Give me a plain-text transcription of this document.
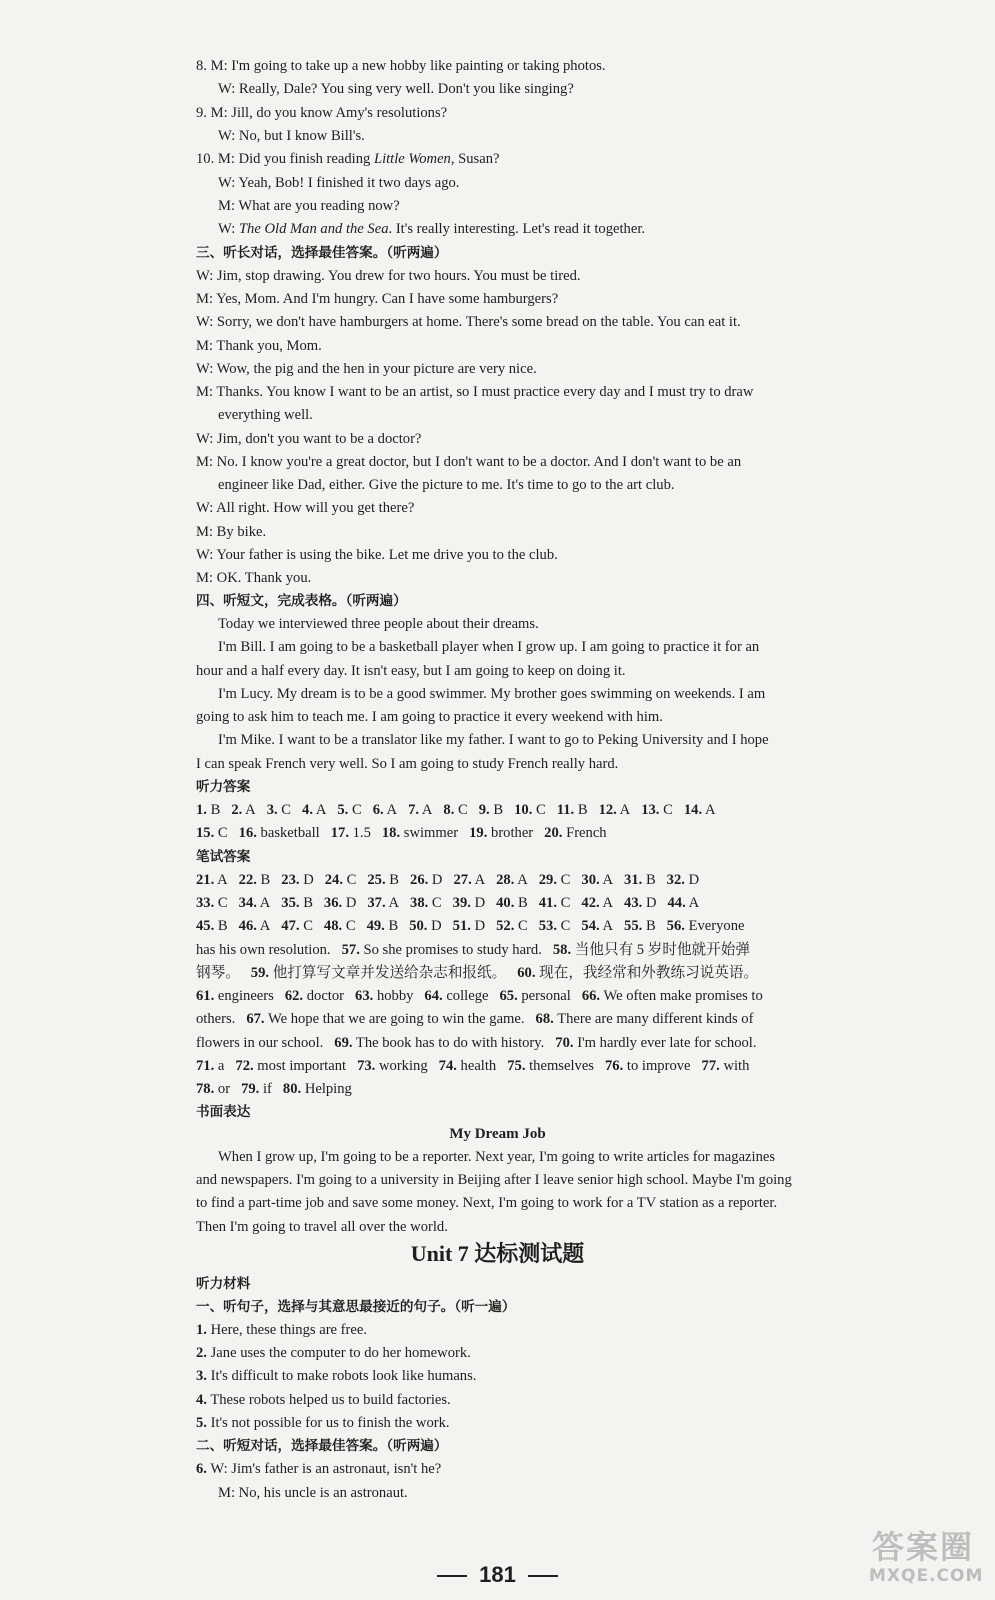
8. M: I'm going to take up a new hobby like painting or taking photos.
W: Really, Dale? You sing very well. Don't you like singing?
9. M: Jill, do you know Amy's resolutions?
W: No, but I know Bill's.
10. M: Did you finish reading Little Women, Susan?
W: Yeah, Bob! I finished it two days ago.
M: What are you reading now?
W: The Old Man and the Sea. It's really interesting. Let's read it together.
三、听长对话，选择最佳答案。（听两遍）
W: Jim, stop drawing. You drew for two hours. You must be tired.
M: Yes, Mom. And I'm hungry. Can I have some hamburgers?
W: Sorry, we don't have hamburgers at home. There's some bread on the table. You can eat it.
M: Thank you, Mom.
W: Wow, the pig and the hen in your picture are very nice.
M: Thanks. You know I want to be an artist, so I must practice every day and I must try to draw
everything well.
W: Jim, don't you want to be a doctor?
M: No. I know you're a great doctor, but I don't want to be a doctor. And I don't want to be an
engineer like Dad, either. Give the picture to me. It's time to go to the art club.
W: All right. How will you get there?
M: By bike.
W: Your father is using the bike. Let me drive you to the club.
M: OK. Thank you.
四、听短文，完成表格。（听两遍）
Today we interviewed three people about their dreams.
I'm Bill. I am going to be a basketball player when I grow up. I am going to practice it for an
hour and a half every day. It isn't easy, but I am going to keep on doing it.
I'm Lucy. My dream is to be a good swimmer. My brother goes swimming on weekends. I am
going to ask him to teach me. I am going to practice it every weekend with him.
I'm Mike. I want to be a translator like my father. I want to go to Peking University and I hope
I can speak French very well. So I am going to study French really hard.
听力答案
1. B 2. A 3. C 4. A 5. C 6. A 7. A 8. C 9. B 10. C 11. B 12. A 13. C 14. A
15. C 16. basketball 17. 1.5 18. swimmer 19. brother 20. French
笔试答案
21. A 22. B 23. D 24. C 25. B 26. D 27. A 28. A 29. C 30. A 31. B 32. D
33. C 34. A 35. B 36. D 37. A 38. C 39. D 40. B 41. C 42. A 43. D 44. A
45. B 46. A 47. C 48. C 49. B 50. D 51. D 52. C 53. C 54. A 55. B 56. Everyone
has his own resolution. 57. So she promises to study hard. 58. 当他只有 5 岁时他就开始弹
钢琴。 59. 他打算写文章并发送给杂志和报纸。 60. 现在，我经常和外教练习说英语。
61. engineers 62. doctor 63. hobby 64. college 65. personal 66. We often make promises to
others. 67. We hope that we are going to win the game. 68. There are many different kinds of
flowers in our school. 69. The book has to do with history. 70. I'm hardly ever late for school.
71. a 72. most important 73. working 74. health 75. themselves 76. to improve 77. with
78. or 79. if 80. Helping
书面表达
My Dream Job
When I grow up, I'm going to be a reporter. Next year, I'm going to write articles for magazines
and newspapers. I'm going to a university in Beijing after I leave senior high school. Maybe I'm going
to find a part-time job and save some money. Next, I'm going to work for a TV station as a reporter.
Then I'm going to travel all over the world.
Unit 7 达标测试题
听力材料
一、听句子，选择与其意思最接近的句子。（听一遍）
1. Here, these things are free.
2. Jane uses the computer to do her homework.
3. It's difficult to make robots look like humans.
4. These robots helped us to build factories.
5. It's not possible for us to finish the work.
二、听短对话，选择最佳答案。（听两遍）
6. W: Jim's father is an astronaut, isn't he?
M: No, his uncle is an astronaut.
181
答案圈
MXQE.COM
